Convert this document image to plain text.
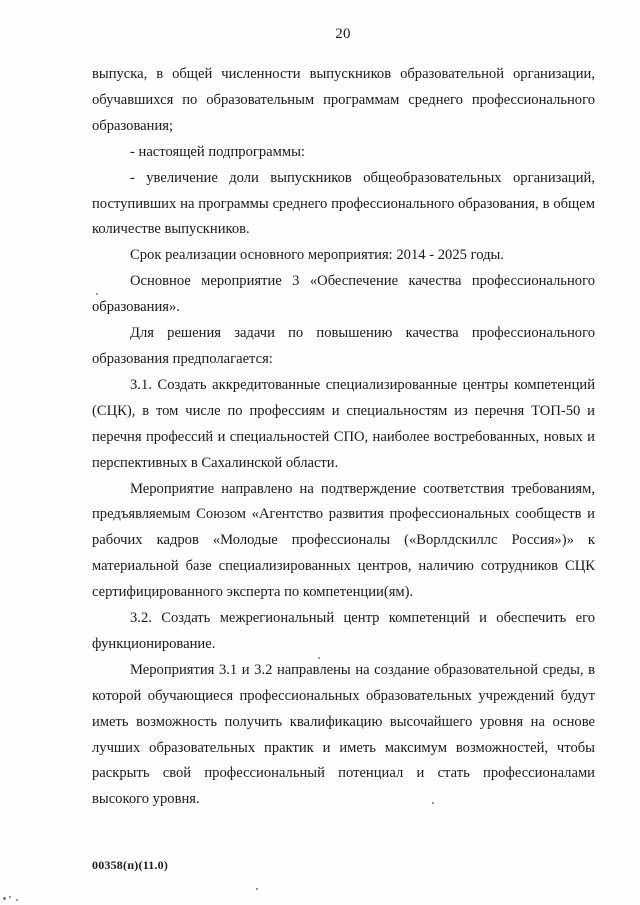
20

выпуска, в общей численности выпускников образовательной организации, обучавшихся по образовательным программам среднего профессионального образования;

- настоящей подпрограммы:

- увеличение доли выпускников общеобразовательных организаций, поступивших на программы среднего профессионального образования, в общем количестве выпускников.

Срок реализации основного мероприятия: 2014 - 2025 годы.

Основное мероприятие 3 «Обеспечение качества профессионального образования».

Для решения задачи по повышению качества профессионального образования предполагается:

3.1. Создать аккредитованные специализированные центры компетенций (СЦК), в том числе по профессиям и специальностям из перечня ТОП-50 и перечня профессий и специальностей СПО, наиболее востребованных, новых и перспективных в Сахалинской области.

Мероприятие направлено на подтверждение соответствия требованиям, предъявляемым Союзом «Агентство развития профессиональных сообществ и рабочих кадров «Молодые профессионалы («Ворлдскиллс Россия»)» к материальной базе специализированных центров, наличию сотрудников СЦК сертифицированного эксперта по компетенции(ям).

3.2. Создать межрегиональный центр компетенций и обеспечить его функционирование.

Мероприятия 3.1 и 3.2 направлены на создание образовательной среды, в которой обучающиеся профессиональных образовательных учреждений будут иметь возможность получить квалификацию высочайшего уровня на основе лучших образовательных практик и иметь максимум возможностей, чтобы раскрыть свой профессиональный потенциал и стать профессионалами высокого уровня.

00358(п)(11.0)
